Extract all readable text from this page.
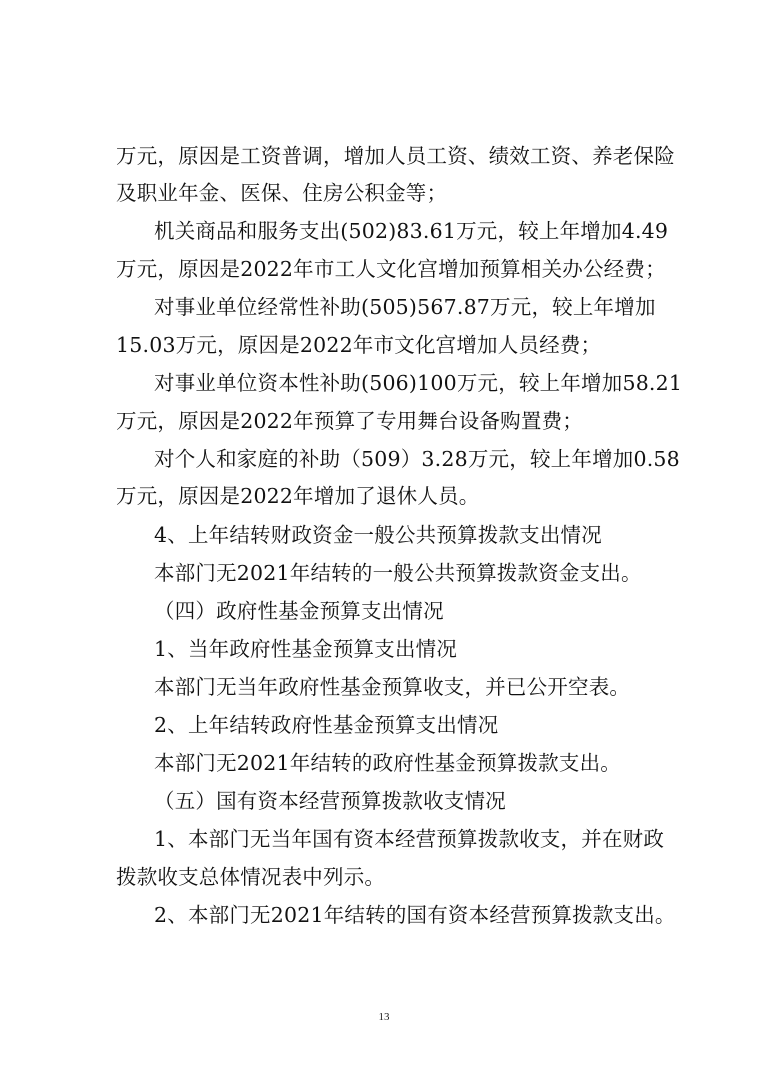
万元，原因是工资普调，增加人员工资、绩效工资、养老保险
及职业年金、医保、住房公积金等；
机关商品和服务支出(502)83.61万元，较上年增加4.49
万元，原因是2022年市工人文化宫增加预算相关办公经费；
对事业单位经常性补助(505)567.87万元，较上年增加
15.03万元，原因是2022年市文化宫增加人员经费；
对事业单位资本性补助(506)100万元，较上年增加58.21
万元，原因是2022年预算了专用舞台设备购置费；
对个人和家庭的补助（509）3.28万元，较上年增加0.58
万元，原因是2022年增加了退休人员。
4、上年结转财政资金一般公共预算拨款支出情况
本部门无2021年结转的一般公共预算拨款资金支出。
（四）政府性基金预算支出情况
1、当年政府性基金预算支出情况
本部门无当年政府性基金预算收支，并已公开空表。
2、上年结转政府性基金预算支出情况
本部门无2021年结转的政府性基金预算拨款支出。
（五）国有资本经营预算拨款收支情况
1、本部门无当年国有资本经营预算拨款收支，并在财政
拨款收支总体情况表中列示。
2、本部门无2021年结转的国有资本经营预算拨款支出。
13
